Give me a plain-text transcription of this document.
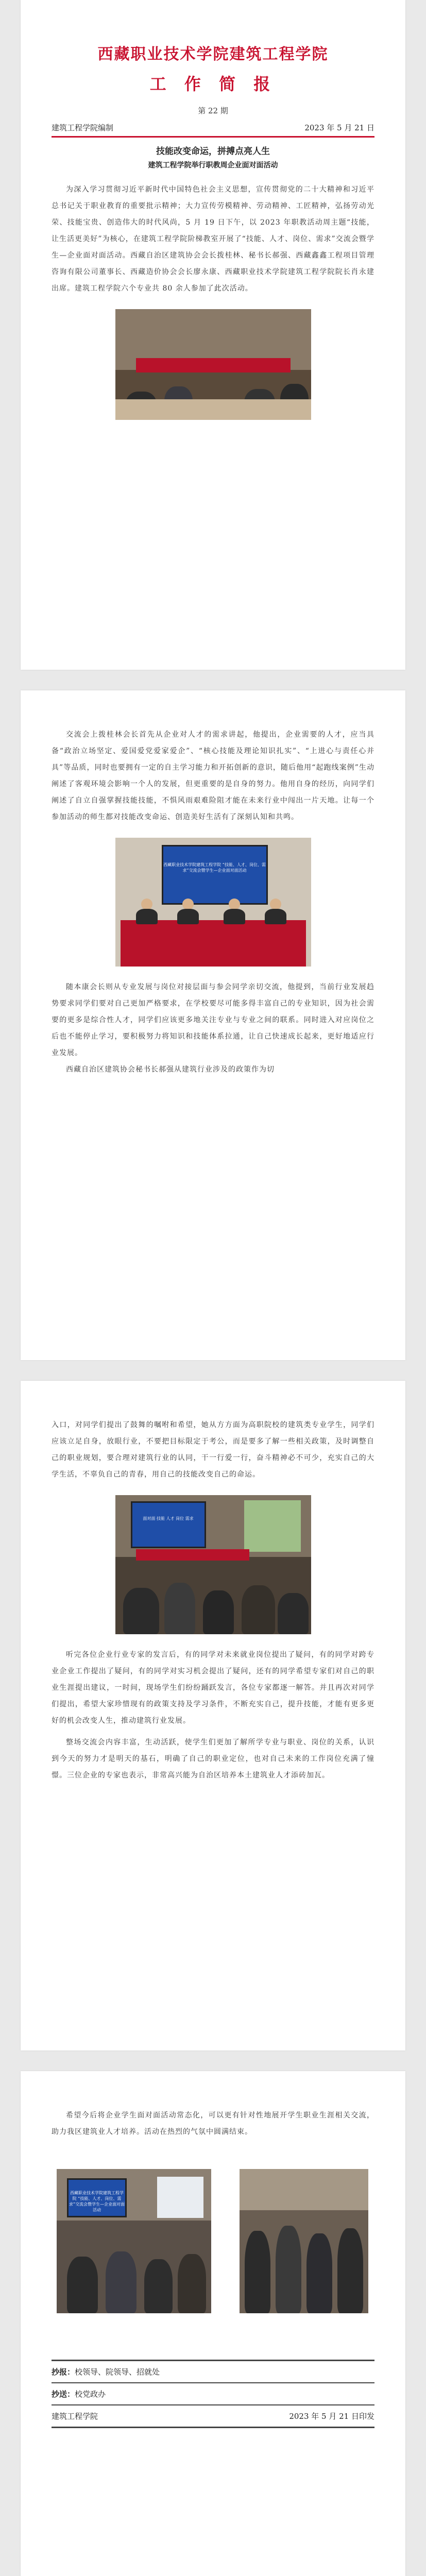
西藏职业技术学院建筑工程学院
工 作 简 报
第 22 期
建筑工程学院编制	2023 年 5 月 21 日
技能改变命运，拼搏点亮人生
建筑工程学院举行职教周企业面对面活动

为深入学习贯彻习近平新时代中国特色社会主义思想，宣传贯彻党的二十大精神和习近平总书记关于职业教育的重要批示精神；大力宣传劳模精神、劳动精神、工匠精神，弘扬劳动光荣、技能宝贵、创造伟大的时代风尚，5 月 19 日下午，以 2023 年职教活动周主题“技能，让生活更美好”为核心，在建筑工程学院阶梯教室开展了“技能、人才、岗位、需求”交流会暨学生—企业面对面活动。西藏自治区建筑协会会长拨桂林、秘书长郝强、西藏鑫鑫工程项目管理咨询有限公司董事长、西藏造价协会会长廖永康、西藏职业技术学院建筑工程学院院长肖永建出席。建筑工程学院六个专业共 80 余人参加了此次活动。

交流会上拨桂林会长首先从企业对人才的需求讲起，他提出，企业需要的人才，应当具备“政治立场坚定、爱国爱党爱家爱企”、“核心技能及理论知识扎实”、“上进心与责任心并具”等品质，同时也要拥有一定的自主学习能力和开拓创新的意识，随后他用“起跑线案例”生动阐述了客观环境会影响一个人的发展，但更重要的是自身的努力。他用自身的经历，向同学们阐述了自立自强掌握技能技能，不惧风雨艰难险阻才能在未来行业中闯出一片天地。让每一个参加活动的师生都对技能改变命运、创造美好生活有了深刻认知和共鸣。

西藏职业技术学院建筑工程学院 “技能、人才、岗位、需求”交流会暨学生—企业面对面活动

随本康会长则从专业发展与岗位对接层面与参会同学亲切交流，他提到，当前行业发展趋势要求同学们要对自己更加严格要求，在学校要尽可能多得丰富自己的专业知识，因为社会需要的更多是综合性人才，同学们应该更多地关注专业与专业之间的联系。同时进入对应岗位之后也不能停止学习，要积极努力将知识和技能体系拉通，让自己快速成长起来，更好地适应行业发展。

西藏自治区建筑协会秘书长郝强从建筑行业涉及的政策作为切

入口，对同学们提出了鼓舞的嘱咐和希望，她从方方面为高职院校的建筑类专业学生，同学们应该立足自身，放眼行业，不要把目标限定于考公，而是要多了解一些相关政策，及时调整自己的职业规划，要合理对建筑行业的认同，干一行爱一行，奋斗精神必不可少，充实自己的大学生活，不辜负自己的青春，用自己的技能改变自己的命运。

面对面 技能 人才 岗位 需求

听完各位企业行业专家的发言后，有的同学对未来就业岗位提出了疑问，有的同学对跨专业企业工作提出了疑问，有的同学对实习机会提出了疑问，还有的同学希望专家们对自己的职业生涯提出建议，一时间，现场学生们纷纷踊跃发言，各位专家都逐一解答。并且再次对同学们提出，希望大家珍惜现有的政策支持及学习条件，不断充实自己，提升技能，才能有更多更好的机会改变人生，推动建筑行业发展。

整场交流会内容丰富，生动活跃，使学生们更加了解所学专业与职业、岗位的关系，认识到今天的努力才是明天的基石，明确了自己的职业定位，也对自己未来的工作岗位充满了憧憬。三位企业的专家也表示，非常高兴能为自治区培养本土建筑业人才添砖加瓦。

希望今后将企业学生面对面活动常态化，可以更有针对性地展开学生职业生涯相关交流，助力我区建筑业人才培养。活动在热烈的气氛中圆满结束。

西藏职业技术学院建筑工程学院 “技能、人才、岗位、需求”交流会暨学生—企业面对面活动
抄报：校领导、院领导、招就处
抄送：校党政办
建筑工程学院	2023 年 5 月 21 日印发
